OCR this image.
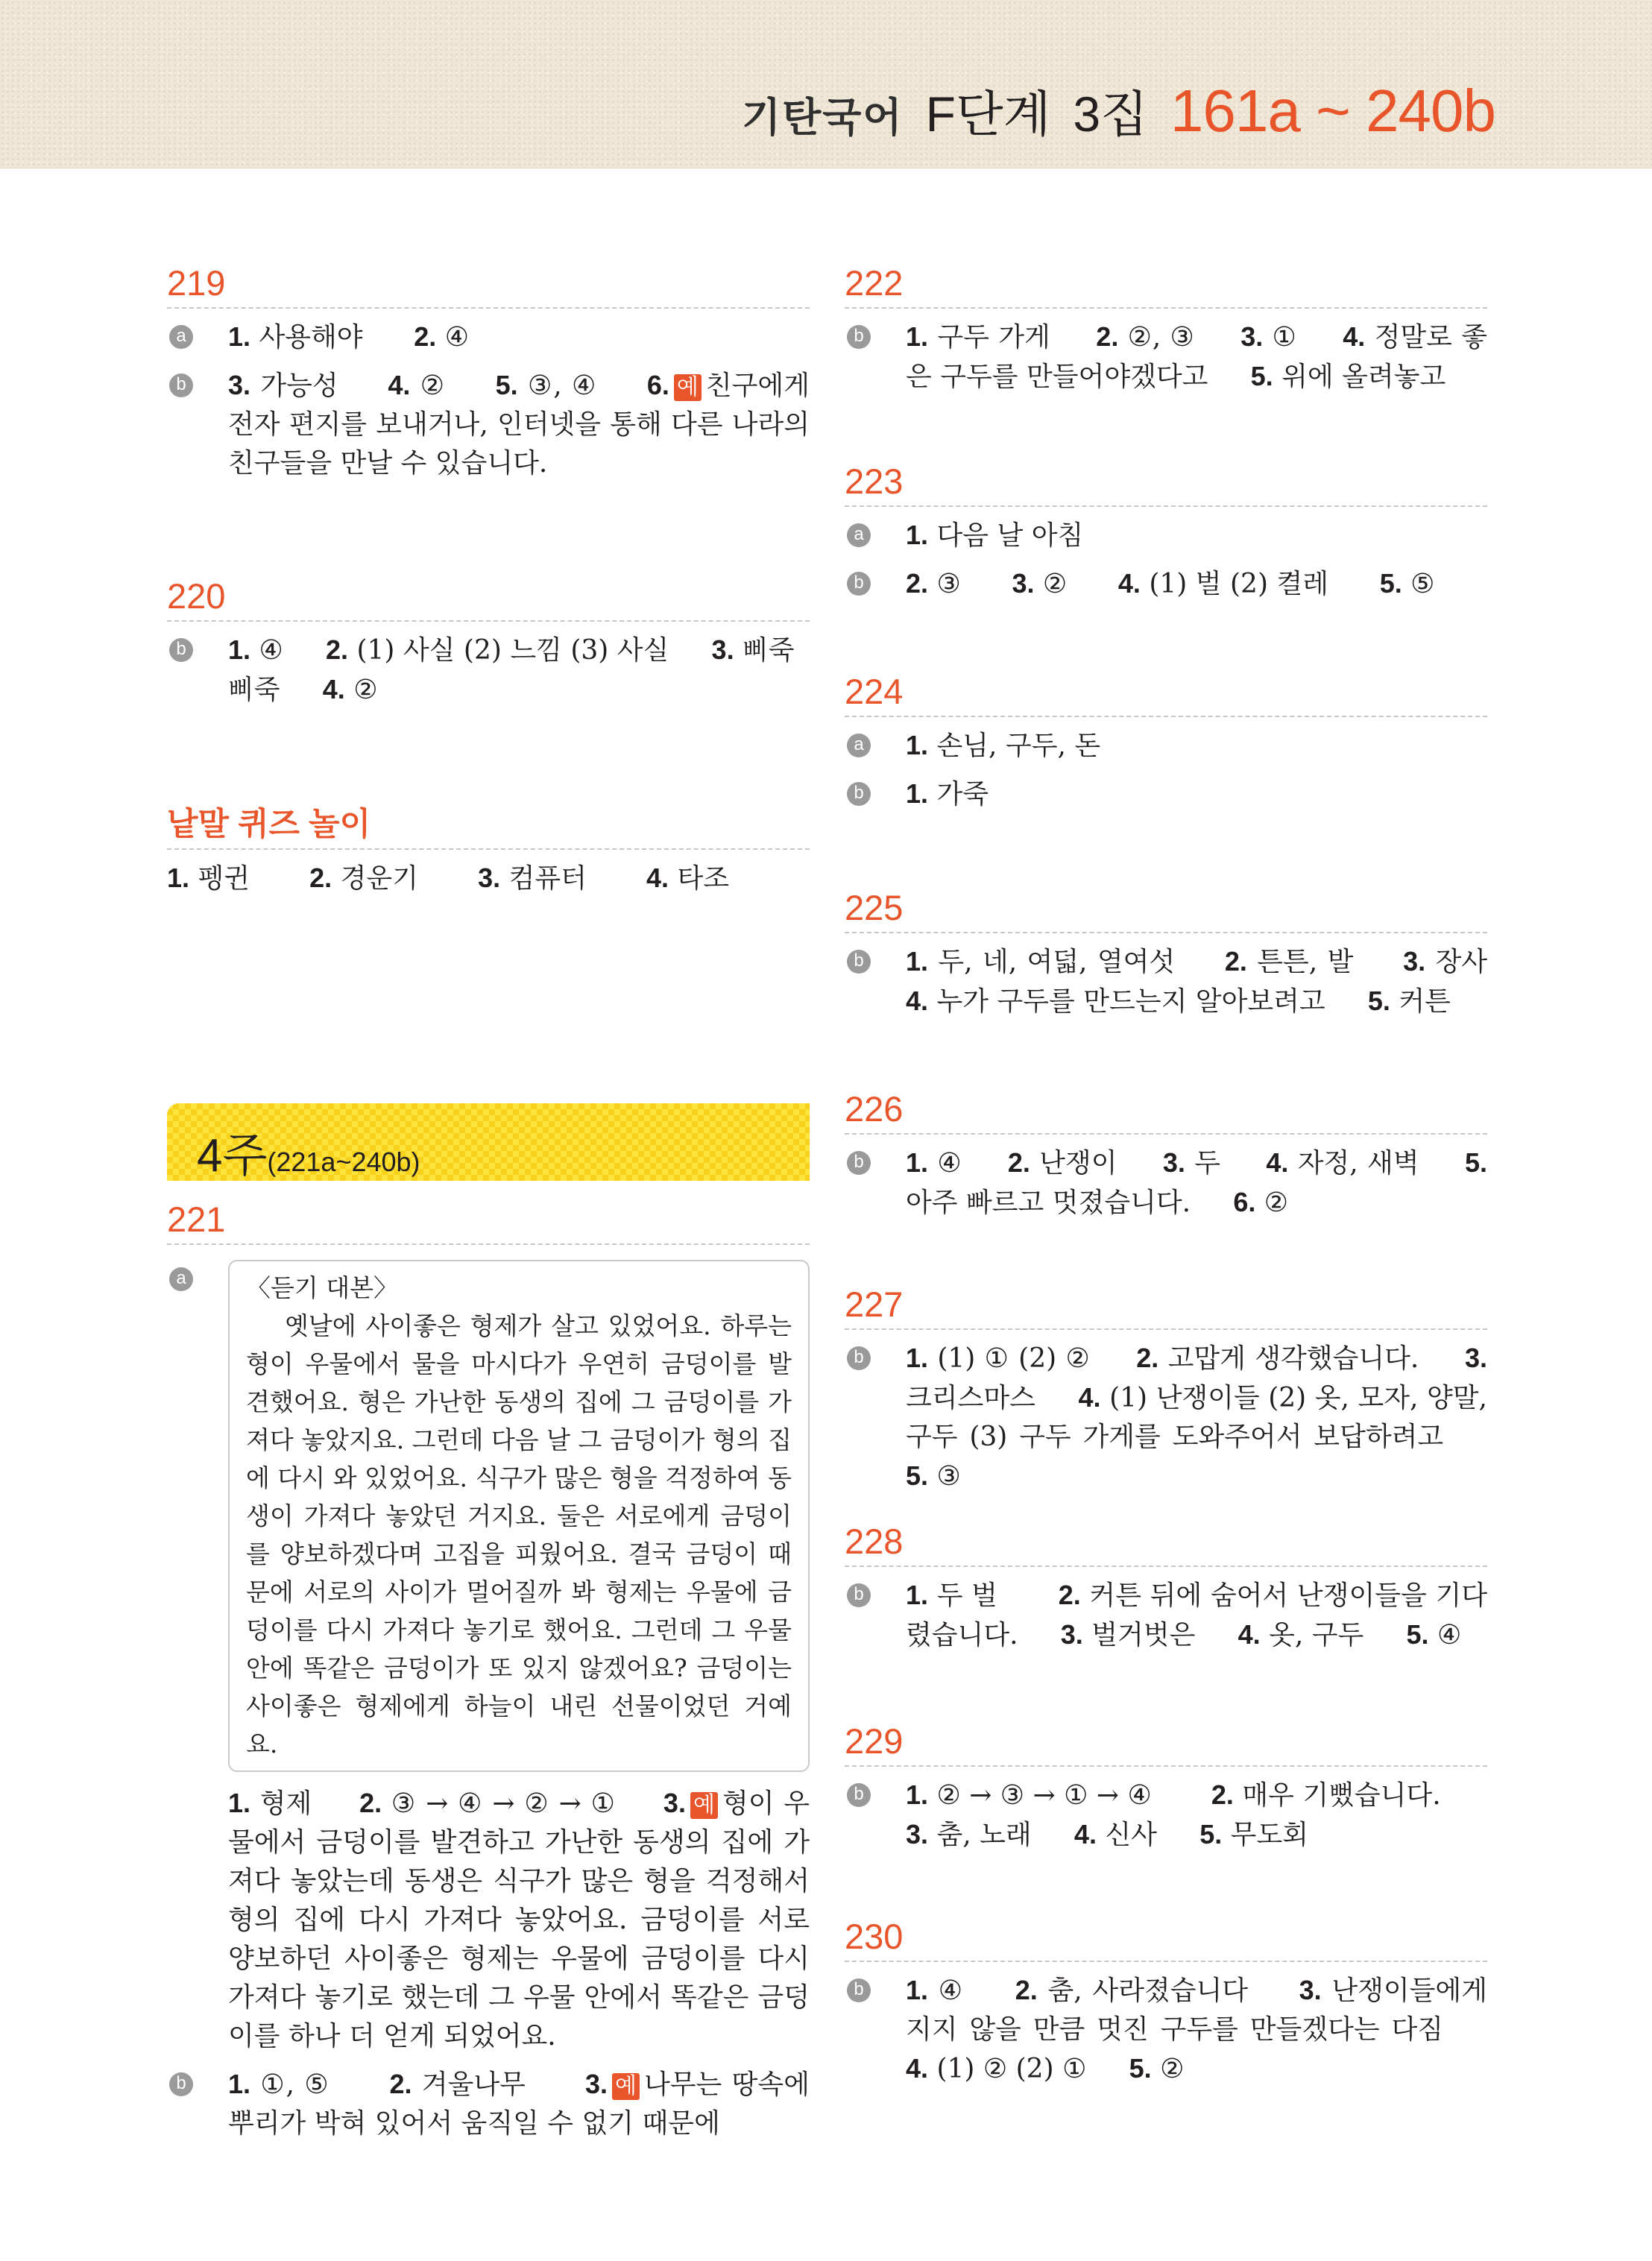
기탄국어 F단계 3집 161a ~ 240b
219
a 1. 사용해야 2. ④
b 3. 가능성 4. ② 5. ③, ④ 6. 예 친구에게 전자 편지를 보내거나, 인터넷을 통해 다른 나라의 친구들을 만날 수 있습니다.
220
b 1. ④ 2. (1) 사실 (2) 느낌 (3) 사실 3. 삐죽삐죽 4. ②
낱말 퀴즈 놀이
1. 펭귄 2. 경운기 3. 컴퓨터 4. 타조
4주(221a~240b)
221
a	〈듣기 대본〉
옛날에 사이좋은 형제가 살고 있었어요. 하루는 형이 우물에서 물을 마시다가 우연히 금덩이를 발견했어요. 형은 가난한 동생의 집에 그 금덩이를 가져다 놓았지요. 그런데 다음 날 그 금덩이가 형의 집에 다시 와 있었어요. 식구가 많은 형을 걱정하여 동생이 가져다 놓았던 거지요. 둘은 서로에게 금덩이를 양보하겠다며 고집을 피웠어요. 결국 금덩이 때문에 서로의 사이가 멀어질까 봐 형제는 우물에 금덩이를 다시 가져다 놓기로 했어요. 그런데 그 우물 안에 똑같은 금덩이가 또 있지 않겠어요? 금덩이는 사이좋은 형제에게 하늘이 내린 선물이었던 거예요.
1. 형제 2. ③ → ④ → ② → ① 3. 예 형이 우물에서 금덩이를 발견하고 가난한 동생의 집에 가져다 놓았는데 동생은 식구가 많은 형을 걱정해서 형의 집에 다시 가져다 놓았어요. 금덩이를 서로 양보하던 사이좋은 형제는 우물에 금덩이를 다시 가져다 놓기로 했는데 그 우물 안에서 똑같은 금덩이를 하나 더 얻게 되었어요.
b 1. ①, ⑤ 2. 겨울나무 3. 예 나무는 땅속에 뿌리가 박혀 있어서 움직일 수 없기 때문에
222
b 1. 구두 가게 2. ②, ③ 3. ① 4. 정말로 좋은 구두를 만들어야겠다고 5. 위에 올려놓고
223
a 1. 다음 날 아침
b 2. ③ 3. ② 4. (1) 벌 (2) 켤레 5. ⑤
224
a 1. 손님, 구두, 돈
b 1. 가죽
225
b 1. 두, 네, 여덟, 열여섯 2. 튼튼, 발 3. 장사 4. 누가 구두를 만드는지 알아보려고 5. 커튼
226
b 1. ④ 2. 난쟁이 3. 두 4. 자정, 새벽 5. 아주 빠르고 멋졌습니다. 6. ②
227
b 1. (1) ① (2) ② 2. 고맙게 생각했습니다. 3. 크리스마스 4. (1) 난쟁이들 (2) 옷, 모자, 양말, 구두 (3) 구두 가게를 도와주어서 보답하려고     5. ③
228
b 1. 두 벌 2. 커튼 뒤에 숨어서 난쟁이들을 기다렸습니다. 3. 벌거벗은 4. 옷, 구두 5. ④
229
b 1. ② → ③ → ① → ④ 2. 매우 기뻤습니다.
3. 춤, 노래 4. 신사 5. 무도회
230
b 1. ④ 2. 춤, 사라졌습니다 3. 난쟁이들에게 지지 않을 만큼 멋진 구두를 만들겠다는 다짐     4. (1) ② (2) ① 5. ②
